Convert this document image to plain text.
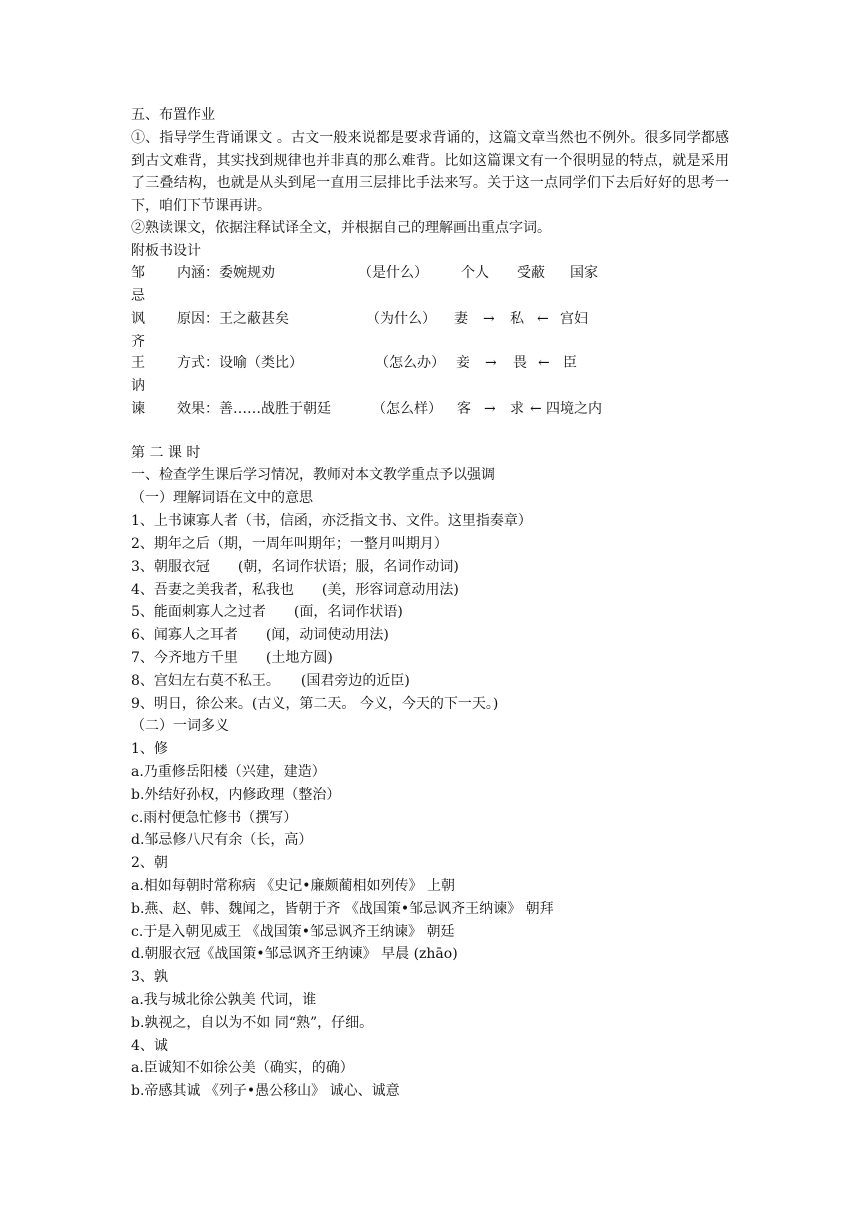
五、布置作业
①、指导学生背诵课文 。古文一般来说都是要求背诵的，这篇文章当然也不例外。很多同学都感到古文难背，其实找到规律也并非真的那么难背。比如这篇课文有一个很明显的特点，就是采用了三叠结构，也就是从头到尾一直用三层排比手法来写。关于这一点同学们下去后好好的思考一下，咱们下节课再讲。
②熟读课文，依据注释试译全文，并根据自己的理解画出重点字词。
附板书设计
邹
忌
讽
齐
王
讷
谏
内涵：委婉规劝	（是什么） 个人 受蔽 国家
原因：王之蔽甚矣	（为什么） 妻 → 私 ← 宫妇
方式：设喻（类比）	（怎么办） 妾 → 畏 ← 臣
效果：善……战胜于朝廷	（怎么样） 客 → 求 ← 四境之内
第 二 课 时
一、检查学生课后学习情况，教师对本文教学重点予以强调
（一）理解词语在文中的意思
1、上书谏寡人者（书，信函，亦泛指文书、文件。这里指奏章）
2、期年之后（期，一周年叫期年；一整月叫期月）
3、朝服衣冠　　(朝，名词作状语；服，名词作动词)
4、吾妻之美我者，私我也　　(美，形容词意动用法)
5、能面刺寡人之过者　　(面，名词作状语)
6、闻寡人之耳者　　(闻，动词使动用法)
7、今齐地方千里　　(土地方圆)
8、宫妇左右莫不私王。　　(国君旁边的近臣)
9、明日，徐公来。(古义，第二天。 今义，今天的下一天。)
（二）一词多义
1、修
a.乃重修岳阳楼（兴建，建造）
b.外结好孙权，内修政理（整治）
c.雨村便急忙修书（撰写）
d.邹忌修八尺有余（长，高）
2、朝
a.相如每朝时常称病 《史记•廉颇蔺相如列传》 上朝
b.燕、赵、韩、魏闻之，皆朝于齐 《战国策•邹忌讽齐王纳谏》 朝拜
c.于是入朝见威王 《战国策•邹忌讽齐王纳谏》 朝廷
d.朝服衣冠《战国策•邹忌讽齐王纳谏》 早晨 (zhāo)
3、孰
a.我与城北徐公孰美 代词，谁
b.孰视之，自以为不如 同“熟”，仔细。
4、诚
a.臣诚知不如徐公美（确实，的确）
b.帝感其诚 《列子•愚公移山》 诚心、诚意
